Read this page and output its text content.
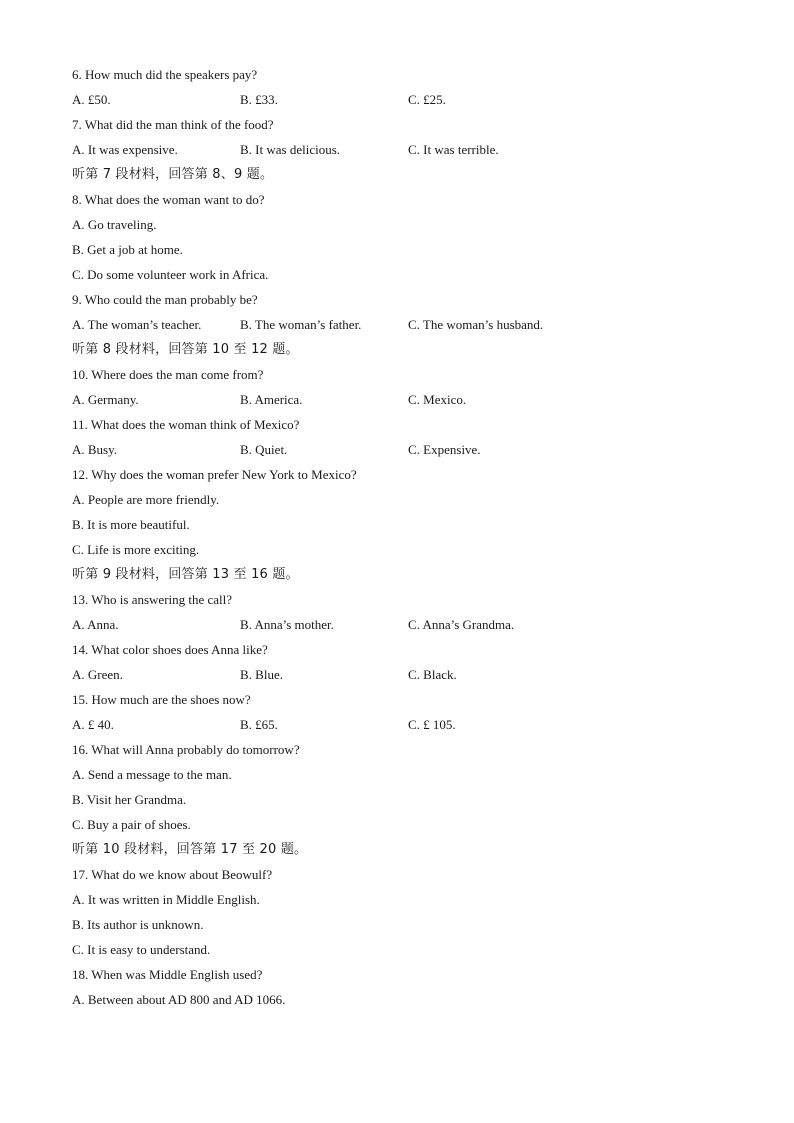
6. How much did the speakers pay?
A. £50.	B. £33.	C. £25.
7. What did the man think of the food?
A. It was expensive.	B. It was delicious.	C. It was terrible.
听第 7 段材料，回答第 8、9 题。
8. What does the woman want to do?
A. Go traveling.
B. Get a job at home.
C. Do some volunteer work in Africa.
9. Who could the man probably be?
A. The woman’s teacher.	B. The woman’s father.	C. The woman’s husband.
听第 8 段材料，回答第 10 至 12 题。
10. Where does the man come from?
A. Germany.	B. America.	C. Mexico.
11. What does the woman think of Mexico?
A. Busy.	B. Quiet.	C. Expensive.
12. Why does the woman prefer New York to Mexico?
A. People are more friendly.
B. It is more beautiful.
C. Life is more exciting.
听第 9 段材料，回答第 13 至 16 题。
13. Who is answering the call?
A. Anna.	B. Anna’s mother.	C. Anna’s Grandma.
14. What color shoes does Anna like?
A. Green.	B. Blue.	C. Black.
15. How much are the shoes now?
A. £ 40.	B. £65.	C. £ 105.
16. What will Anna probably do tomorrow?
A. Send a message to the man.
B. Visit her Grandma.
C. Buy a pair of shoes.
听第 10 段材料，回答第 17 至 20 题。
17. What do we know about Beowulf?
A. It was written in Middle English.
B. Its author is unknown.
C. It is easy to understand.
18. When was Middle English used?
A. Between about AD 800 and AD 1066.
